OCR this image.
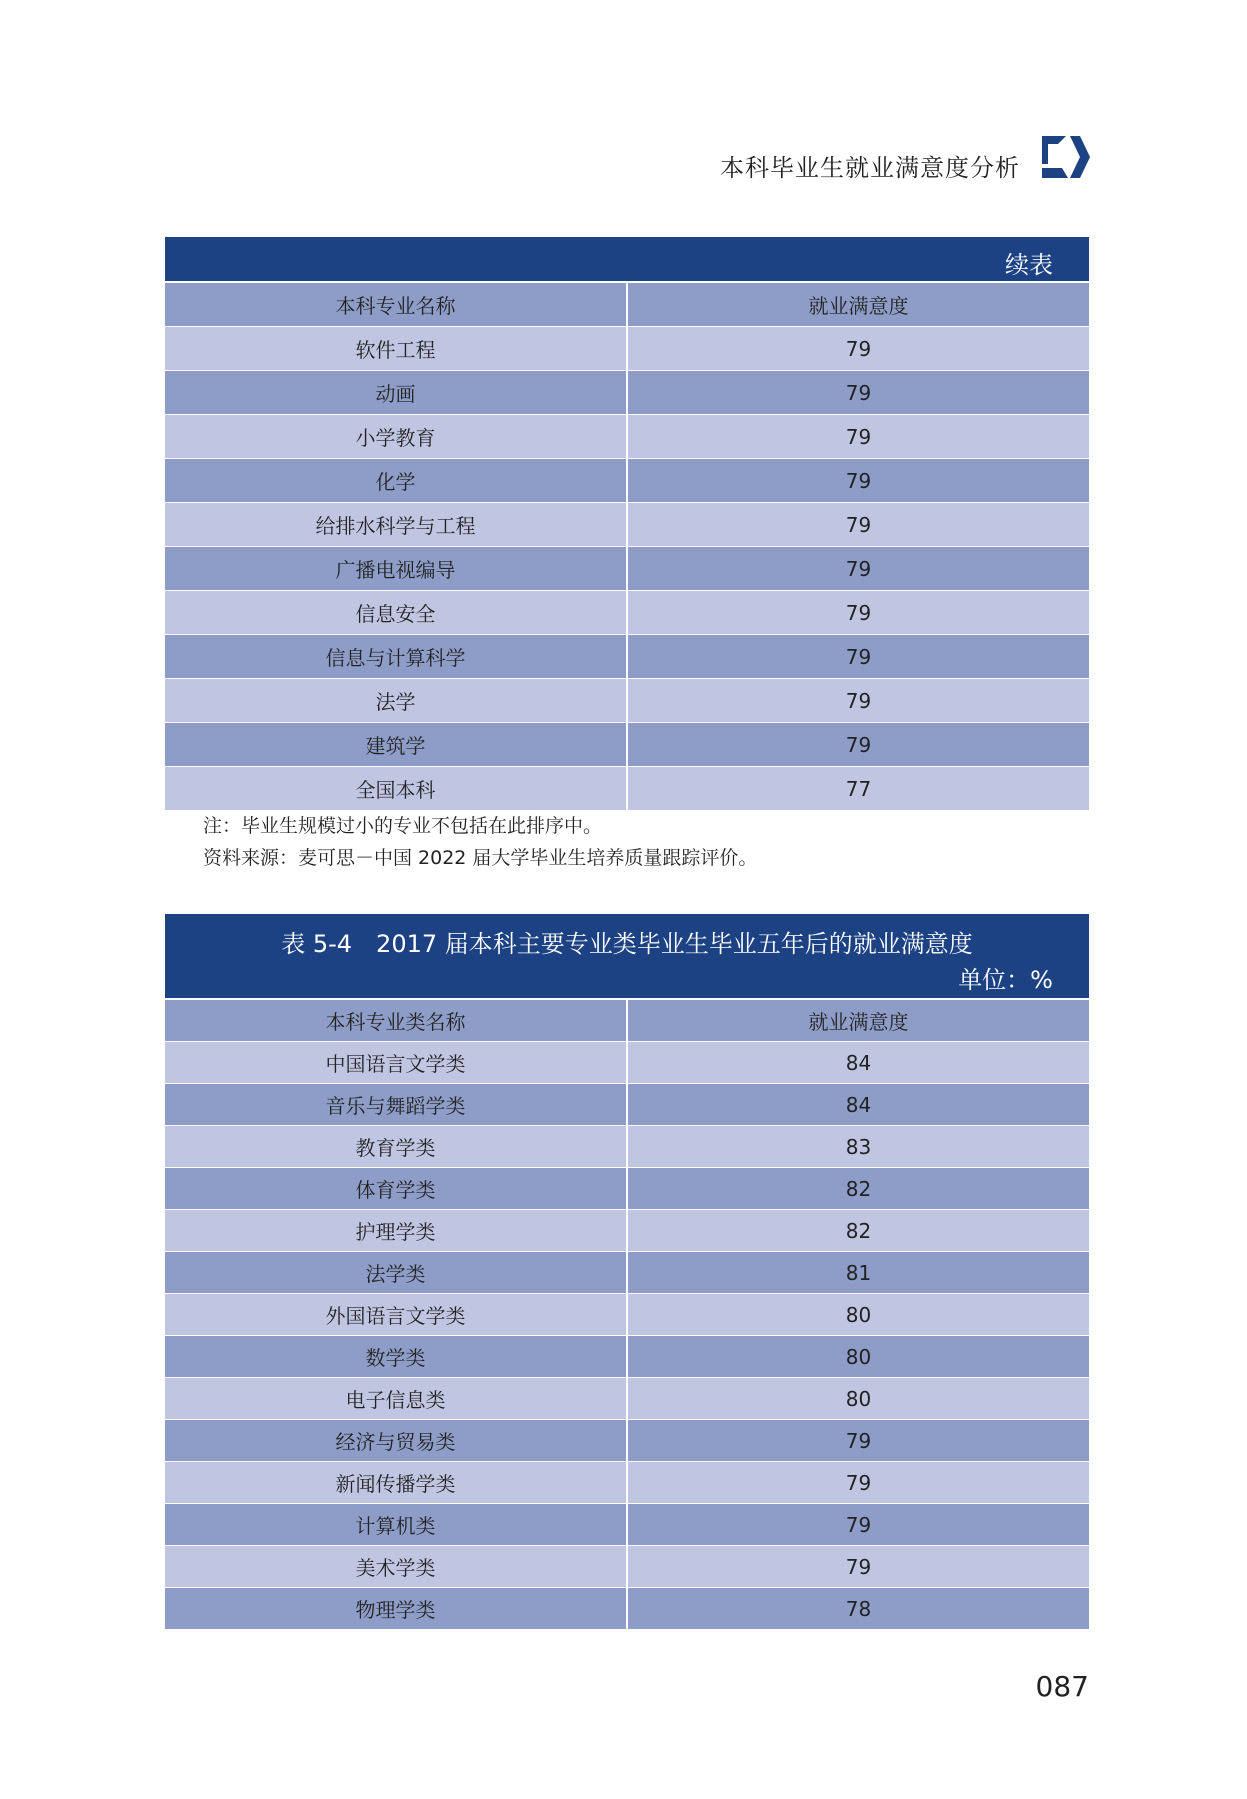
本科毕业生就业满意度分析
续表
本科专业名称	就业满意度
软件工程	79
动画	79
小学教育	79
化学	79
给排水科学与工程	79
广播电视编导	79
信息安全	79
信息与计算科学	79
法学	79
建筑学	79
全国本科	77
注：毕业生规模过小的专业不包括在此排序中。
资料来源：麦可思－中国 2022 届大学毕业生培养质量跟踪评价。
表 5-4　2017 届本科主要专业类毕业生毕业五年后的就业满意度
单位：%
本科专业类名称	就业满意度
中国语言文学类	84
音乐与舞蹈学类	84
教育学类	83
体育学类	82
护理学类	82
法学类	81
外国语言文学类	80
数学类	80
电子信息类	80
经济与贸易类	79
新闻传播学类	79
计算机类	79
美术学类	79
物理学类	78
087
